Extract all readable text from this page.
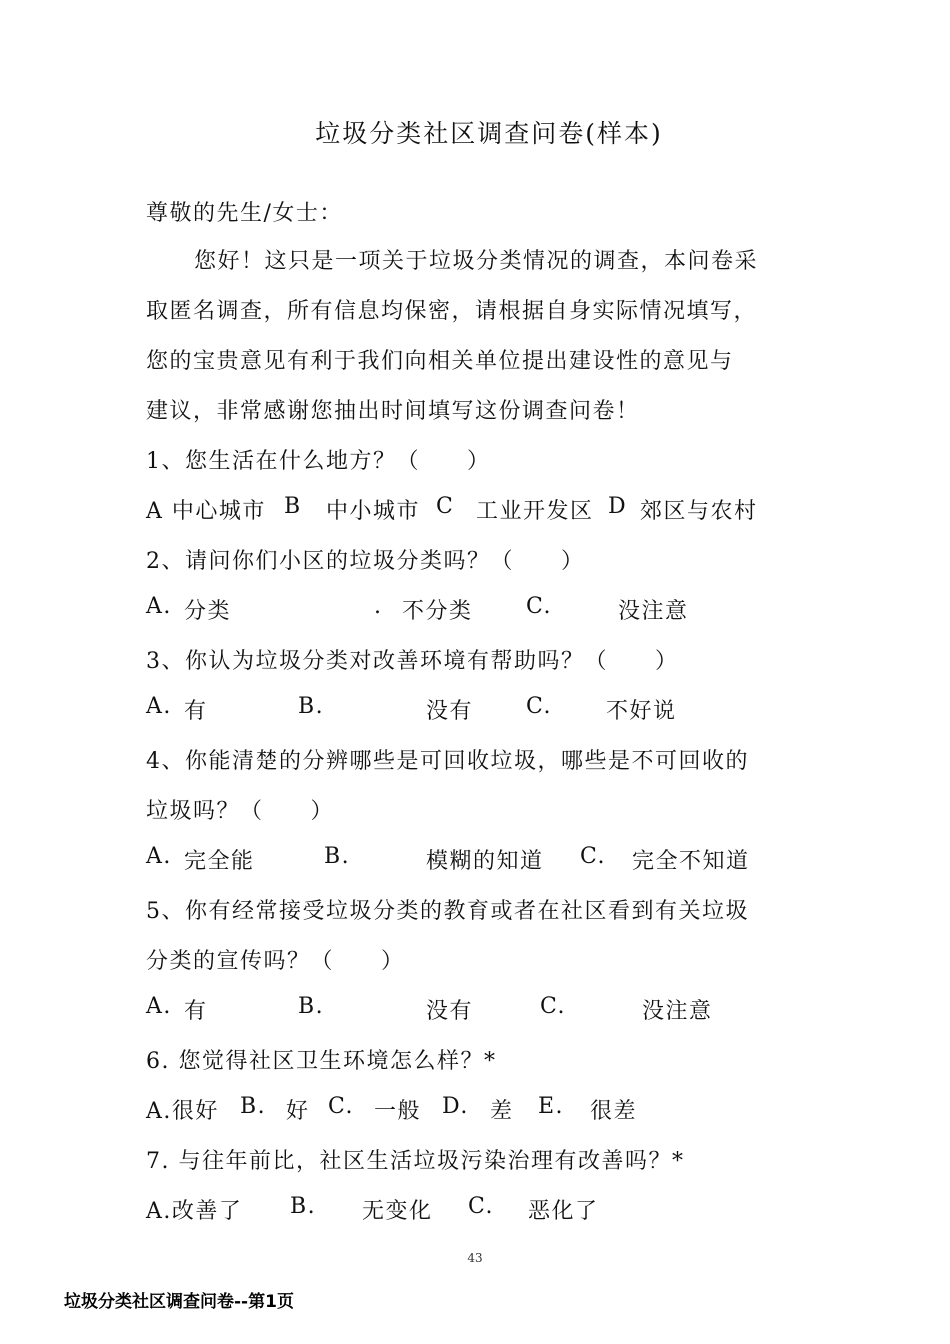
垃圾分类社区调查问卷(样本)
尊敬的先生/女士：
您好！这只是一项关于垃圾分类情况的调查，本问卷采
取匿名调查，所有信息均保密，请根据自身实际情况填写，
您的宝贵意见有利于我们向相关单位提出建设性的意见与
建议，非常感谢您抽出时间填写这份调查问卷！
1、您生活在什么地方？（　　）
A 中心城市 B 中小城市 C 工业开发区 D 郊区与农村
2、请问你们小区的垃圾分类吗？（　　）
A. 分类	. 不分类 C.	没注意
3、你认为垃圾分类对改善环境有帮助吗？（　　）
A. 有	B.	没有 C. 不好说
4、你能清楚的分辨哪些是可回收垃圾，哪些是不可回收的
垃圾吗？（　　）
A. 完全能	B.	模糊的知道 C. 完全不知道
5、你有经常接受垃圾分类的教育或者在社区看到有关垃圾
分类的宣传吗？（　　）
A. 有	B.	没有	C.	没注意
6. 您觉得社区卫生环境怎么样？*
A.很好 B. 好 C. 一般 D. 差 E. 很差
7. 与往年前比，社区生活垃圾污染治理有改善吗？*
A.改善了 B. 无变化 C. 恶化了
43
垃圾分类社区调查问卷--第1页
